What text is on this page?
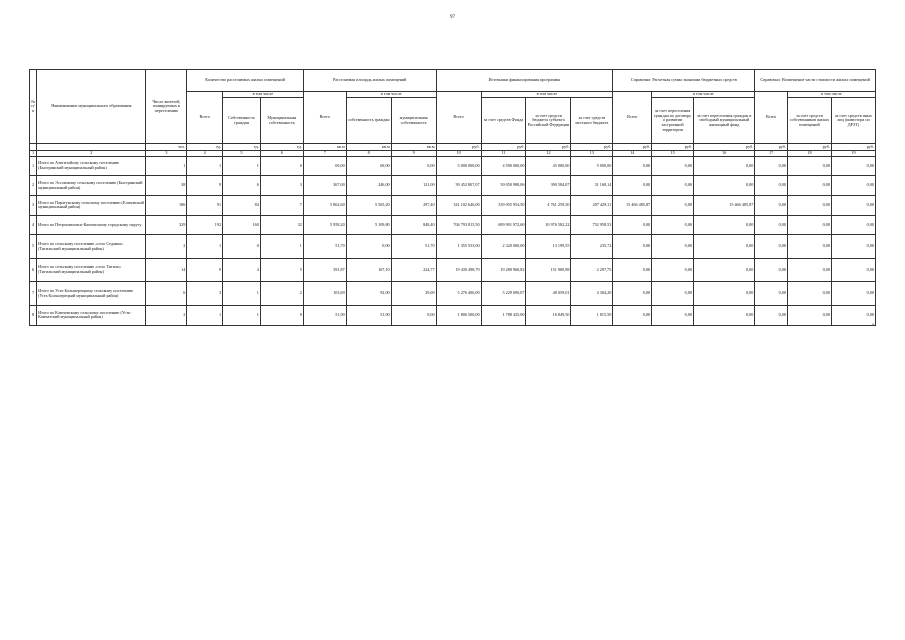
97
№ п/ п	Наименование муниципального образования	Число жителей, планируемых к переселению	Количество расселяемых жилых помещений			Расселяемая площадь жилых помещений			Источники финансирования программы				Справочно: Расчетная сумма экономии бюджетных средств			Справочно: Возмещение части стоимости жилых помещений		
			Всего	в том числе		Всего	в том числе		Всего	в том числе			Всего	в том числе		Всего	в том числе	
				Собственность граждан	Муниципальная собственность		собственность граждан	муниципальная собственность		за счет средств Фонда	за счет средств бюджета субъекта Российской Федерации	за счет средств местного бюджета		за счет переселения граждан по договору о развитии застроенной территории	за счет переселения граждан в свободный муниципальный жилищный фонд		за счет средств собственников жилых помещений	за счет средств иных лиц (инвестора по ДРЗТ)
		чел.	ед.	ед.	ед.	кв.м	кв.м	кв.м	руб.	руб.	руб.	руб.	руб.	руб.	руб.	руб.	руб.	руб.
1	2	3	4	5	6	7	8	9	10	11	12	13	14	15	16	17	18	19
1	Итого по Аэпгитойому сельскому поселению (Быстринский муниципальный район)	1	1	1	0	69,00	69,00	0,00	5 000 000,00	4 590 000,00	45 000,00	5 000,00	0,00	0,00	0,00	0,00	0,00	0,00
2	Итого по Эссовскому сельскому поселению (Быстринский муниципальный район)	38	9	6	3	367,00	246,00	121,00	39 452 807,07	39 050 988,06	390 584,07	31 168,14	0,00	0,00	0,00	0,00	0,00	0,00
3	Итого по Паратунскому сельскому поселению (Елизовский муниципальный район)	186	91	84	7	5 862,60	5 565,20	297,40	341 102 646,00	339 055 954,50	4 761 259,50	207 429,11	15 466 485,87	0,00	15 466 485,87	0,00	0,00	0,00
4	Итого по Петропавловск-Камчатскому городскому округу	329	192	160	32	5 958,20	5 109,80	848,40	704 793 815,50	689 901 972,60	10 976 582,22	752 958,53	0,00	0,00	0,00	0,00	0,00	0,00
5	Итого по сельскому поселению «село Седанка» (Тигильский муниципальный район)	2	1	0	1	51,70	0,00	51,70	1 355 553,00	2 320 000,00	13 199,55	235,72	0,00	0,00	0,00	0,00	0,00	0,00
6	Итого по сельскому поселению «село Тигиль» (Тигильский муниципальный район)	14	9	4	5	391,87	167,10	224,77	19 439 498,79	19 280 960,82	151 900,98	2 297,75	0,00	0,00	0,00	0,00	0,00	0,00
7	Итого по Усть-Большерецкому сельскому поселению (Усть-Большерецкий муниципальный район)	6	3	1	2	103,69	92,00	29,69	5 276 406,00	5 229 690,07	48 059,01	4 304,20	0,00	0,00	0,00	0,00	0,00	0,00
8	Итого по Ключевскому сельскому поселению (Усть-Камчатский муниципальный район)	2	1	1	0	51,90	51,90	0,00	1 806 500,00	1 788 435,00	16 849,50	1 815,50	0,00	0,00	0,00	0,00	0,00	0,00
».
